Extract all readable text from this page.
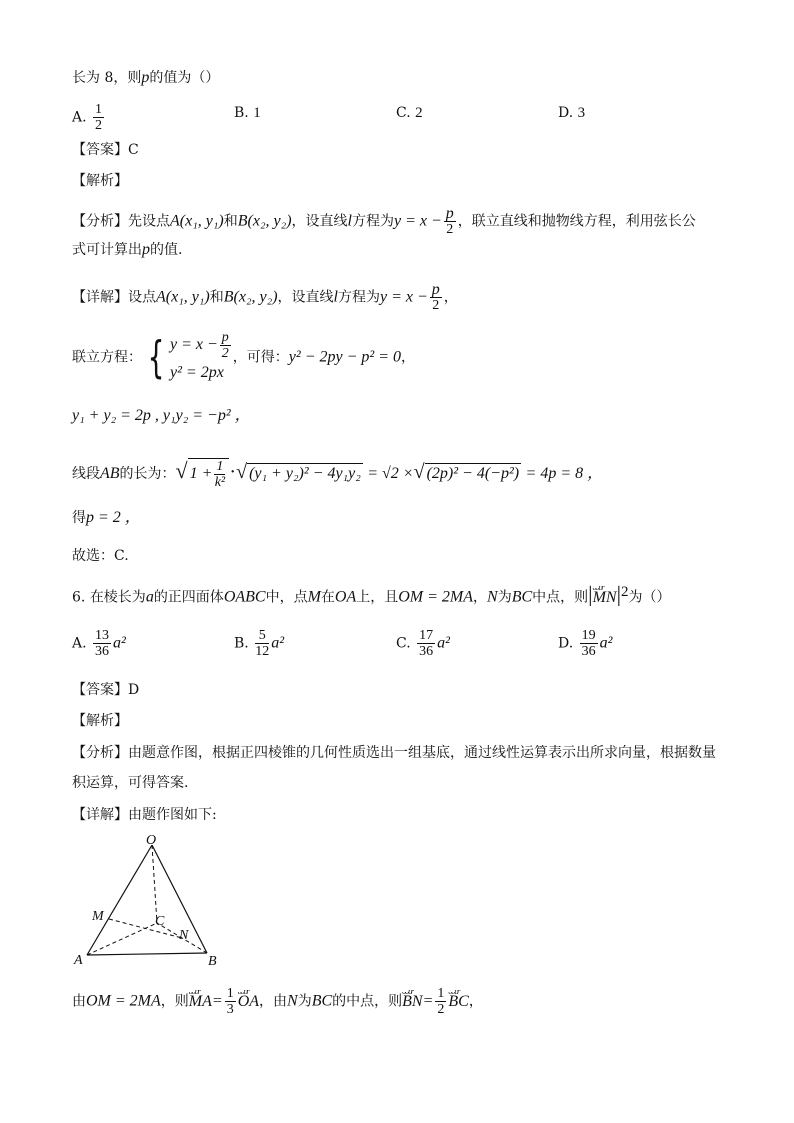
长为 8，则p的值为（）
A. $\frac{1}{2}$	B. 1	C. 2	D. 3
【答案】C
【解析】
【分析】先设点A(x₁, y₁)和B(x₂, y₂)，设直线l方程为$y = x - \frac{p}{2}$ ，联立直线和抛物线方程，利用弦长公
式可计算出p的值.
【详解】设点A(x₁, y₁)和B(x₂, y₂)，设直线l方程为$y = x - \frac{p}{2}$ ，
联立方程： { $y = x - \frac{p}{2}$
y² = 2px
，可得：y² − 2py − p² = 0，
y₁ + y₂ = 2p , y₁y₂ = −p² ，
线段AB的长为：√ $1 + \frac{1}{\text{k²}}$ ·√ (y₁ + y₂)² − 4y₁y₂ = √2 ×√ (2p)² − 4(−p²) = 4p = 8 ，
得p = 2 ，
故选：C.
6. 在棱长为a的正四面体OABC中，点M在OA上，且OM = 2MA，N为BC中点，则|ᴗᴗᴜᴦ $MN|^2$为（）
A. $\frac{13}{36} a^2$	B. $\frac{5}{12} a^2$	C. $\frac{17}{36} a^2$	D. $\frac{19}{36} a^2$
【答案】D
【解析】
【分析】由题意作图，根据正四棱锥的几何性质选出一组基底，通过线性运算表示出所求向量，根据数量
积运算，可得答案.
【详解】由题作图如下:
O
A	B
C
M
N
由OM = 2MA，则ᴗᴗᴜᴦ $MA= \frac{1}{3}$ ᴗᴗᴜᴦ OA，由N为BC的中点，则ᴗᴗᴜᴦ $BN= \frac{1}{2}$ ᴗᴗᴜᴦ BC，
